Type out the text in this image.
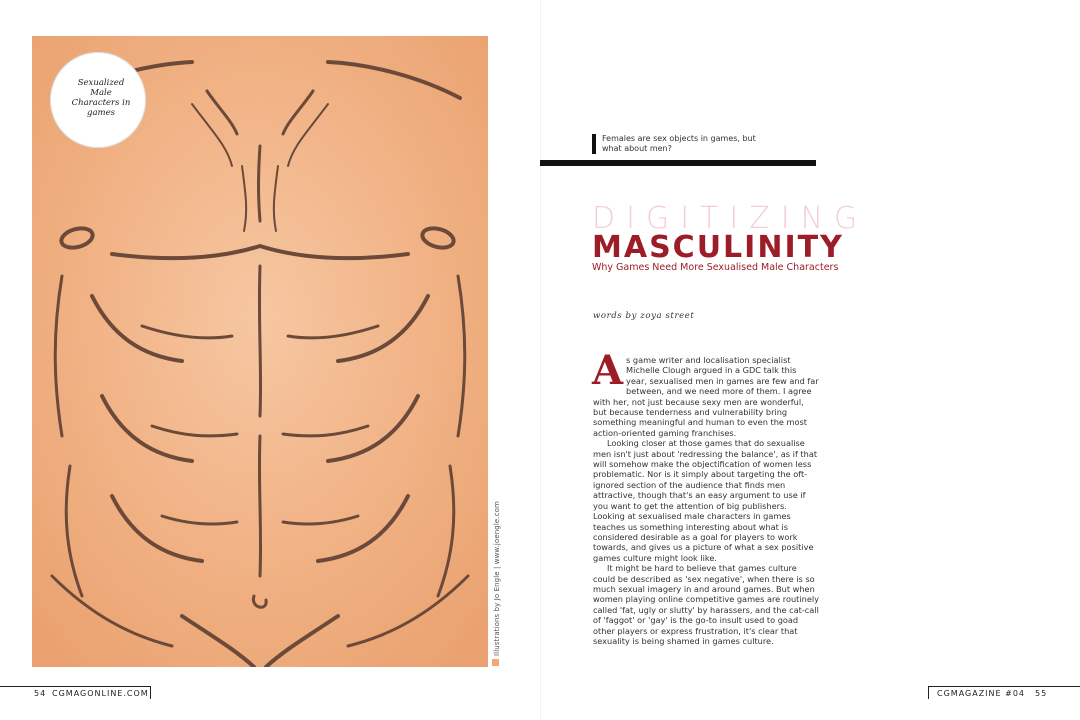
Sexualized Male Characters in games
Illustrations by Jo Engle | www.joengle.com
54 CGMAGONLINE.COM
Females are sex objects in games, but what about men?
DIGITIZING
MASCULINITY
Why Games Need More Sexualised Male Characters
words by zoya street

As game writer and localisation specialist Michelle Clough argued in a GDC talk this year, sexualised men in games are few and far between, and we need more of them. I agree with her, not just because sexy men are wonderful, but because tenderness and vulnerability bring something meaningful and human to even the most action-oriented gaming franchises.

Looking closer at those games that do sexualise men isn't just about 'redressing the balance', as if that will somehow make the objectification of women less problematic. Nor is it simply about targeting the oft-ignored section of the audience that finds men attractive, though that's an easy argument to use if you want to get the attention of big publishers. Looking at sexualised male characters in games teaches us something interesting about what is considered desirable as a goal for players to work towards, and gives us a picture of what a sex positive games culture might look like.

It might be hard to believe that games culture could be described as 'sex negative', when there is so much sexual imagery in and around games. But when women playing online competitive games are routinely called 'fat, ugly or slutty' by harassers, and the cat-call of 'faggot' or 'gay' is the go-to insult used to goad other players or express frustration, it's clear that sexuality is being shamed in games culture.

CGMAGAZINE #04 55
